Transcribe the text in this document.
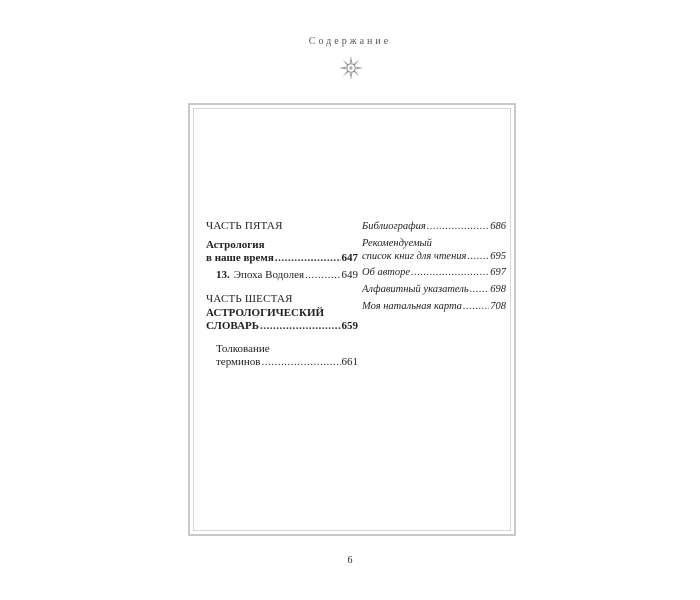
Содержание
ЧАСТЬ ПЯТАЯ
Астрология
в наше время .....	647
13. Эпоха Водолея .....	649
ЧАСТЬ ШЕСТАЯ
АСТРОЛОГИЧЕСКИЙ
СЛОВАРЬ .....	659
Толкование
терминов .....	661
Библиография .....	686
Рекомендуемый
список книг для чтения ..... 695
Об авторе .....	697
Алфавитный указатель ..... 698
Моя натальная карта .....	708
6
